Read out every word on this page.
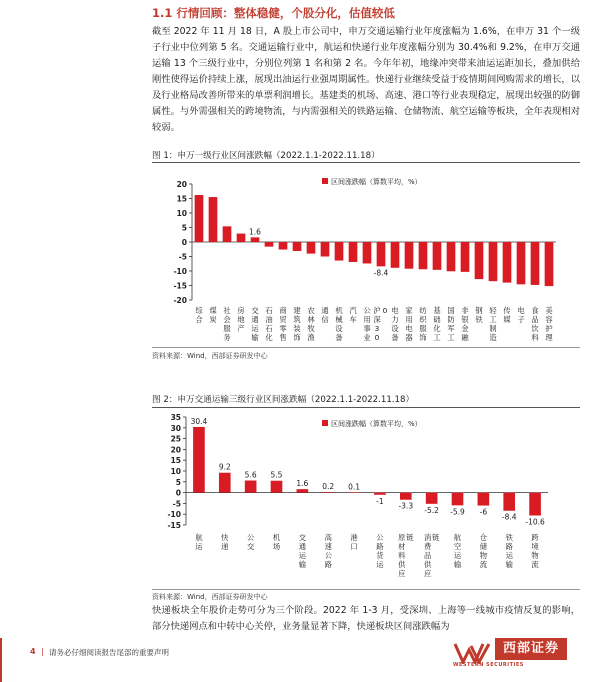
1.1 行情回顾：整体稳健，个股分化，估值较低
截至 2022 年 11 月 18 日，A 股上市公司中，申万交通运输行业年度涨幅为 1.6%，在申万 31 个一级子行业中位列第 5 名。交通运输行业中，航运和快递行业年度涨幅分别为 30.4%和 9.2%，在申万交通运输 13 个三级行业中，分别位列第 1 名和第 2 名。今年年初，地缘冲突带来油运运距加长，叠加供给刚性使得运价持续上涨，展现出油运行业强周期属性。快递行业继续受益于疫情期间网购需求的增长，以及行业格局改善所带来的单票利润增长。基建类的机场、高速、港口等行业表现稳定，展现出较强的防御属性。与外需强相关的跨境物流，与内需强相关的铁路运输、仓储物流、航空运输等板块，全年表现相对较弱。
图 1：申万一级行业区间涨跌幅（2022.1.1-2022.11.18）
20
15
10
5
0
-5
-10
-15
-20
区间涨跌幅（算数平均，%）
综
合
煤
炭
社
会
服
务
房
地
产
1.6
交
通
运
输
石
油
石
化
商
贸
零
售
建
筑
装
饰
农
林
牧
渔
通
信
机
械
设
备
汽
车
公
用
事
业
-8.4
沪
深
3
0
0 电
力
设
备
家
用
电
器
纺
织
服
饰
基
础
化
工
国
防
军
工
非
银
金
融
钢
铁
轻
工
制
造
传
媒
电
子
食
品
饮
料
美
容
护
理
资料来源：Wind，西部证券研发中心
图 2：申万交通运输三级行业区间涨跌幅（2022.1.1-2022.11.18）
35
30
25
20
15
10
5
0
-5
-10
-15
区间涨跌幅（算数平均，%）
30.4
航
运
9.2
快
递
5.6
公
交
5.5
机
场
1.6
交
通
运
输
0.2
高
速
公
路
0.1
港
口
-1
公
路
货
运
-3.3
原
材
料
供
应
链
-5.2
消
费
品
供
应
链
-5.9
航
空
运
输
-6
仓
储
物
流
-8.4
铁
路
运
输
-10.6
跨
境
物
流
资料来源：Wind，西部证券研发中心
快递板块全年股价走势可分为三个阶段。2022 年 1-3 月，受深圳、上海等一线城市疫情反复的影响，部分快递网点和中转中心关停，业务量显著下降，快递板块区间涨跌幅为
4 | 请务必仔细阅读报告尾部的重要声明	西部证券
WESTERN SECURITIES
